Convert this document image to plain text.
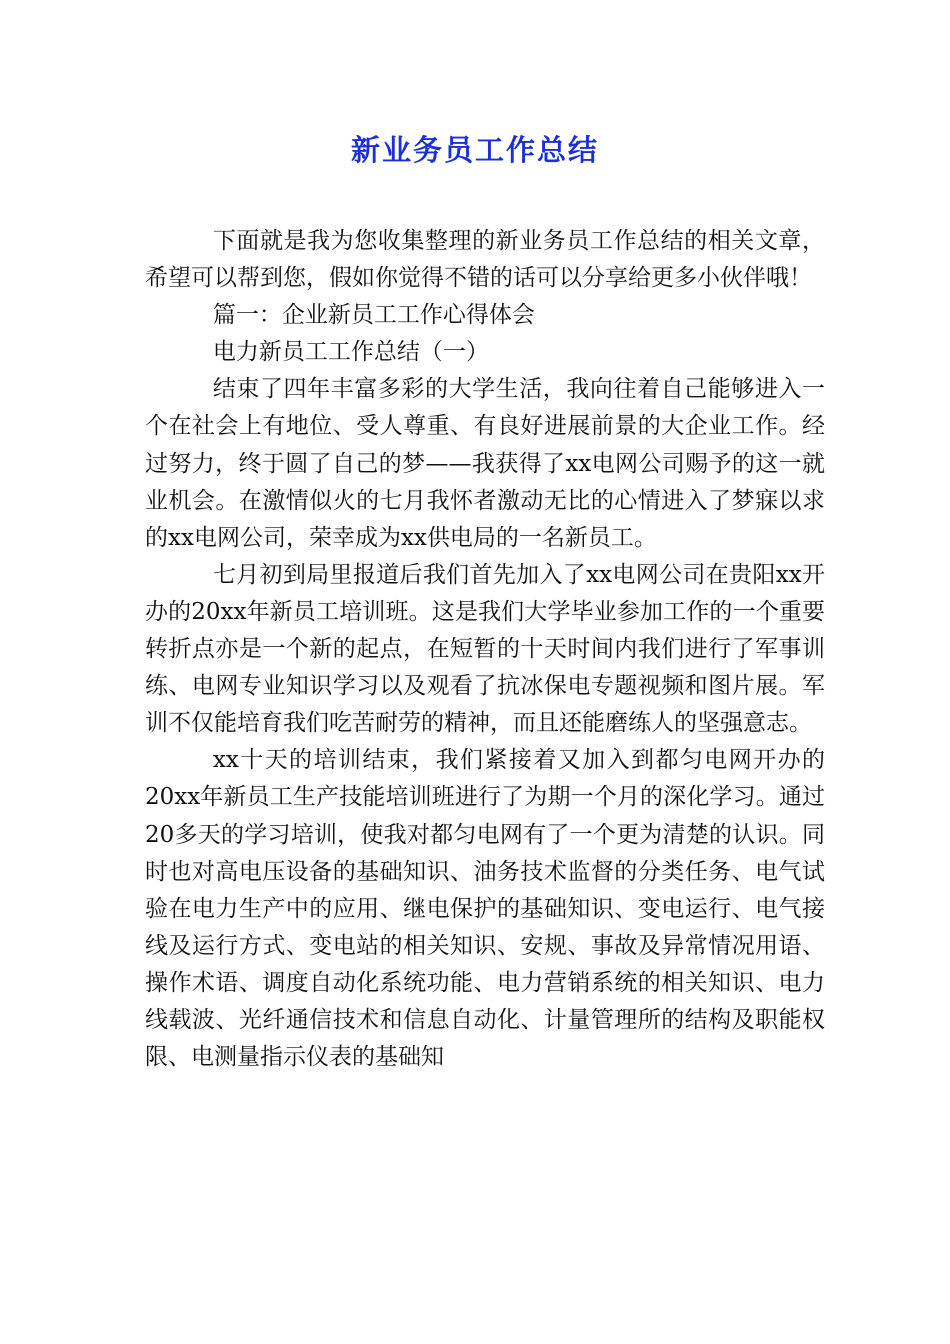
新业务员工作总结

下面就是我为您收集整理的新业务员工作总结的相关文章，希望可以帮到您，假如你觉得不错的话可以分享给更多小伙伴哦！

篇一：企业新员工工作心得体会

电力新员工工作总结（一）

结束了四年丰富多彩的大学生活，我向往着自己能够进入一个在社会上有地位、受人尊重、有良好进展前景的大企业工作。经过努力，终于圆了自己的梦——我获得了xx电网公司赐予的这一就业机会。在激情似火的七月我怀者激动无比的心情进入了梦寐以求的xx电网公司，荣幸成为xx供电局的一名新员工。

七月初到局里报道后我们首先加入了xx电网公司在贵阳xx开办的20xx年新员工培训班。这是我们大学毕业参加工作的一个重要转折点亦是一个新的起点，在短暂的十天时间内我们进行了军事训练、电网专业知识学习以及观看了抗冰保电专题视频和图片展。军训不仅能培育我们吃苦耐劳的精神，而且还能磨练人的坚强意志。

xx十天的培训结束，我们紧接着又加入到都匀电网开办的20xx年新员工生产技能培训班进行了为期一个月的深化学习。通过20多天的学习培训，使我对都匀电网有了一个更为清楚的认识。同时也对高电压设备的基础知识、油务技术监督的分类任务、电气试验在电力生产中的应用、继电保护的基础知识、变电运行、电气接线及运行方式、变电站的相关知识、安规、事故及异常情况用语、操作术语、调度自动化系统功能、电力营销系统的相关知识、电力线载波、光纤通信技术和信息自动化、计量管理所的结构及职能权限、电测量指示仪表的基础知
